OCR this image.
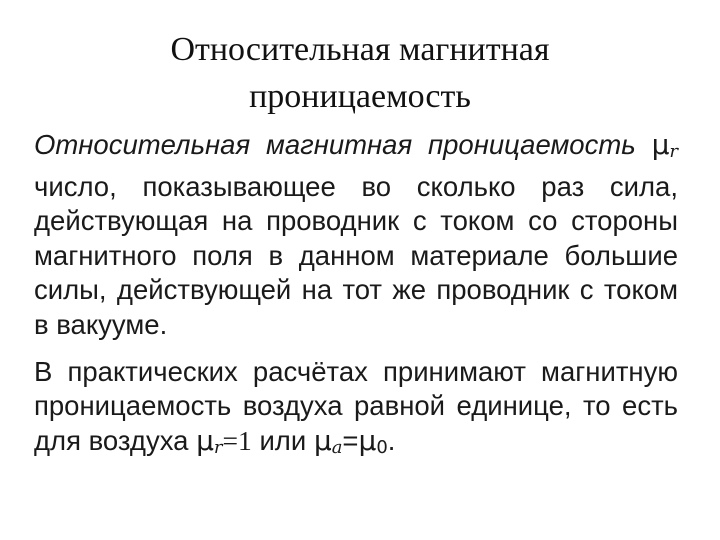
Относительная магнитная
проницаемость

Относительная магнитная проницаемость μr число, показывающее во сколько раз сила, действующая на проводник с током со стороны магнитного поля в данном материале большие силы, действующей на тот же проводник с током в вакууме.

В практических расчётах принимают магнитную проницаемость воздуха равной единице, то есть для воздуха μr=1 или μa=μ0.
